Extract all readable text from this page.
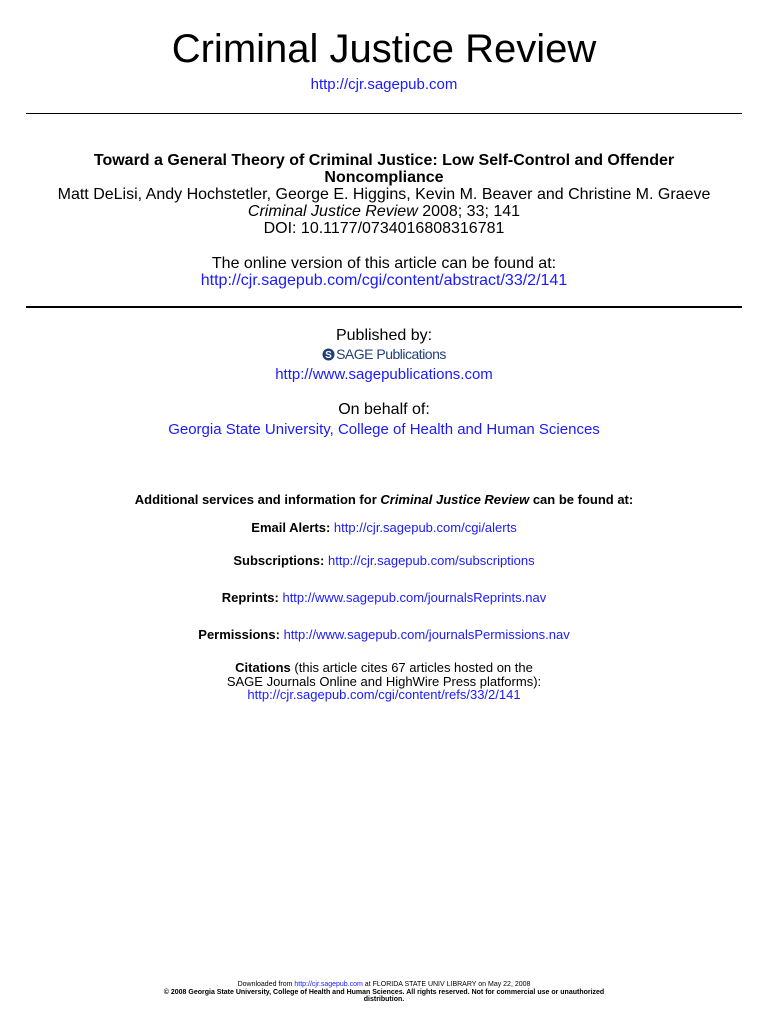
Criminal Justice Review
http://cjr.sagepub.com
Toward a General Theory of Criminal Justice: Low Self-Control and Offender
Noncompliance
Matt DeLisi, Andy Hochstetler, George E. Higgins, Kevin M. Beaver and Christine M. Graeve
Criminal Justice Review 2008; 33; 141
DOI: 10.1177/0734016808316781
The online version of this article can be found at:
http://cjr.sagepub.com/cgi/content/abstract/33/2/141
Published by:
S SAGE Publications
http://www.sagepublications.com
On behalf of:
Georgia State University, College of Health and Human Sciences
Additional services and information for Criminal Justice Review can be found at:
Email Alerts: http://cjr.sagepub.com/cgi/alerts
Subscriptions: http://cjr.sagepub.com/subscriptions
Reprints: http://www.sagepub.com/journalsReprints.nav
Permissions: http://www.sagepub.com/journalsPermissions.nav
Citations (this article cites 67 articles hosted on the
SAGE Journals Online and HighWire Press platforms):
http://cjr.sagepub.com/cgi/content/refs/33/2/141
Downloaded from http://cjr.sagepub.com at FLORIDA STATE UNIV LIBRARY on May 22, 2008
© 2008 Georgia State University, College of Health and Human Sciences. All rights reserved. Not for commercial use or unauthorized
distribution.
